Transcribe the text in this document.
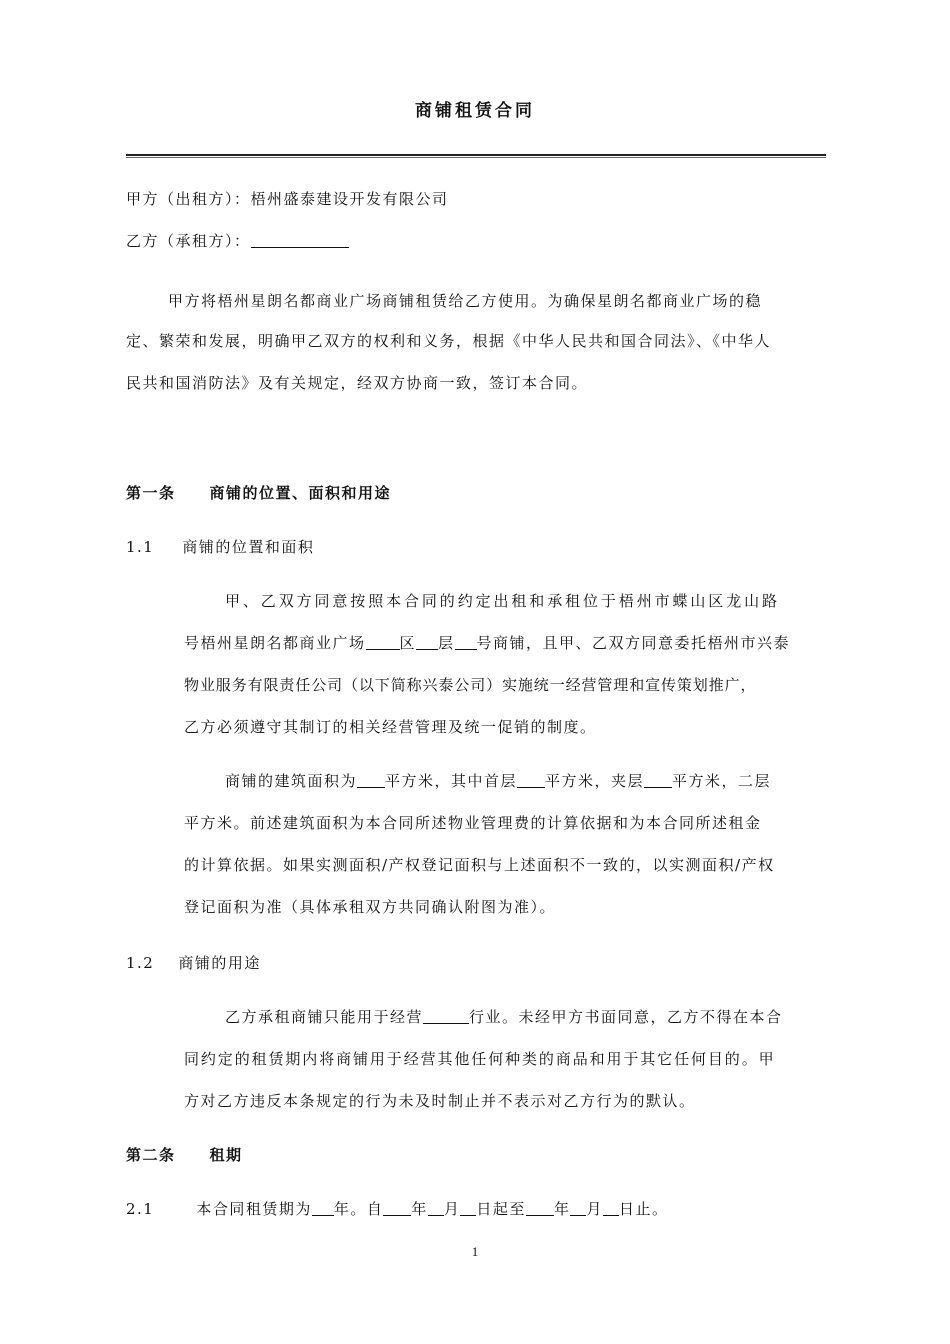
商铺租赁合同
甲方（出租方）：梧州盛泰建设开发有限公司
乙方（承租方）：
甲方将梧州星朗名都商业广场商铺租赁给乙方使用。为确保星朗名都商业广场的稳
定、繁荣和发展，明确甲乙双方的权利和义务，根据《中华人民共和国合同法》、《中华人
民共和国消防法》及有关规定，经双方协商一致，签订本合同。
第一条 商铺的位置、面积和用途
1.1 商铺的位置和面积
甲、乙双方同意按照本合同的约定出租和承租位于梧州市蝶山区龙山路
号梧州星朗名都商业广场 区 层 号商铺，且甲、乙双方同意委托梧州市兴泰
物业服务有限责任公司（以下简称兴泰公司）实施统一经营管理和宣传策划推广，
乙方必须遵守其制订的相关经营管理及统一促销的制度。
商铺的建筑面积为 平方米，其中首层 平方米，夹层 平方米，二层
平方米。前述建筑面积为本合同所述物业管理费的计算依据和为本合同所述租金
的计算依据。如果实测面积/产权登记面积与上述面积不一致的，以实测面积/产权
登记面积为准（具体承租双方共同确认附图为准）。
1.2 商铺的用途
乙方承租商铺只能用于经营	行业。未经甲方书面同意，乙方不得在本合
同约定的租赁期内将商铺用于经营其他任何种类的商品和用于其它任何目的。甲
方对乙方违反本条规定的行为未及时制止并不表示对乙方行为的默认。
第二条 租期
2.1	本合同租赁期为 年。自 年 月 日起至 年 月 日止。
1
